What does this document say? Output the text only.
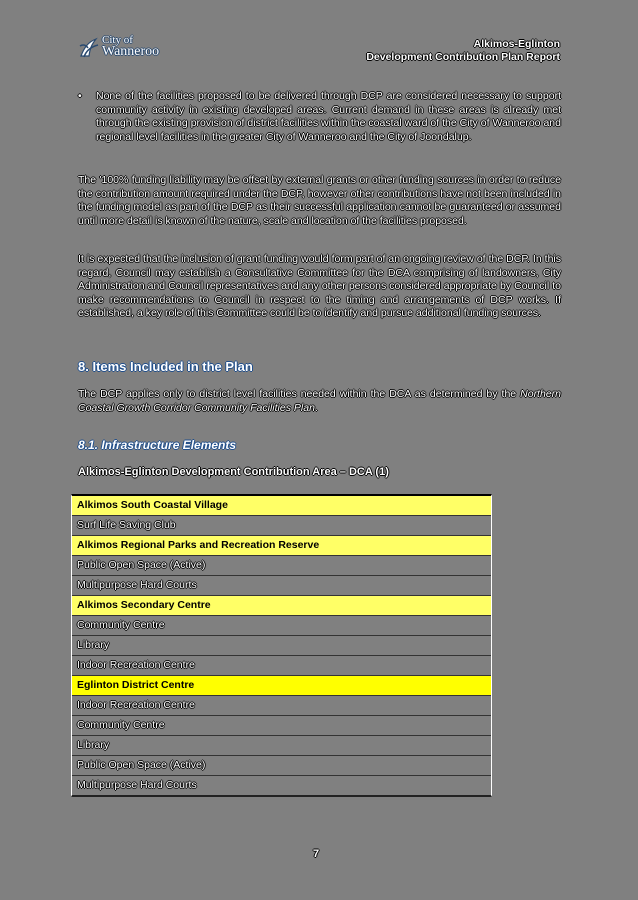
City of
Wanneroo	Alkimos-Eglinton
Development Contribution Plan Report
• None of the facilities proposed to be delivered through DCP are considered necessary to support community activity in existing developed areas. Current demand in these areas is already met through the existing provision of district facilities within the coastal ward of the City of Wanneroo and regional level facilities in the greater City of Wanneroo and the City of Joondalup.
The '100% funding liability may be offset by external grants or other funding sources in order to reduce the contribution amount required under the DCP, however other contributions have not been included in the funding model as part of the DCP as their successful application cannot be guaranteed or assumed until more detail is known of the nature, scale and location of the facilities proposed.
It is expected that the inclusion of grant funding would form part of an ongoing review of the DCP. In this regard, Council may establish a Consultative Committee for the DCA comprising of landowners, City Administration and Council representatives and any other persons considered appropriate by Council to make recommendations to Council in respect to the timing and arrangements of DCP works. If established, a key role of this Committee could be to identify and pursue additional funding sources.
8. Items Included in the Plan
The DCP applies only to district level facilities needed within the DCA as determined by the Northern Coastal Growth Corridor Community Facilities Plan.
8.1. Infrastructure Elements
Alkimos-Eglinton Development Contribution Area – DCA (1)
Alkimos South Coastal Village
Surf Life Saving Club
Alkimos Regional Parks and Recreation Reserve
Public Open Space (Active)
Multipurpose Hard Courts
Alkimos Secondary Centre
Community Centre
Library
Indoor Recreation Centre
Eglinton District Centre
Indoor Recreation Centre
Community Centre
Library
Public Open Space (Active)
Multipurpose Hard Courts
7
